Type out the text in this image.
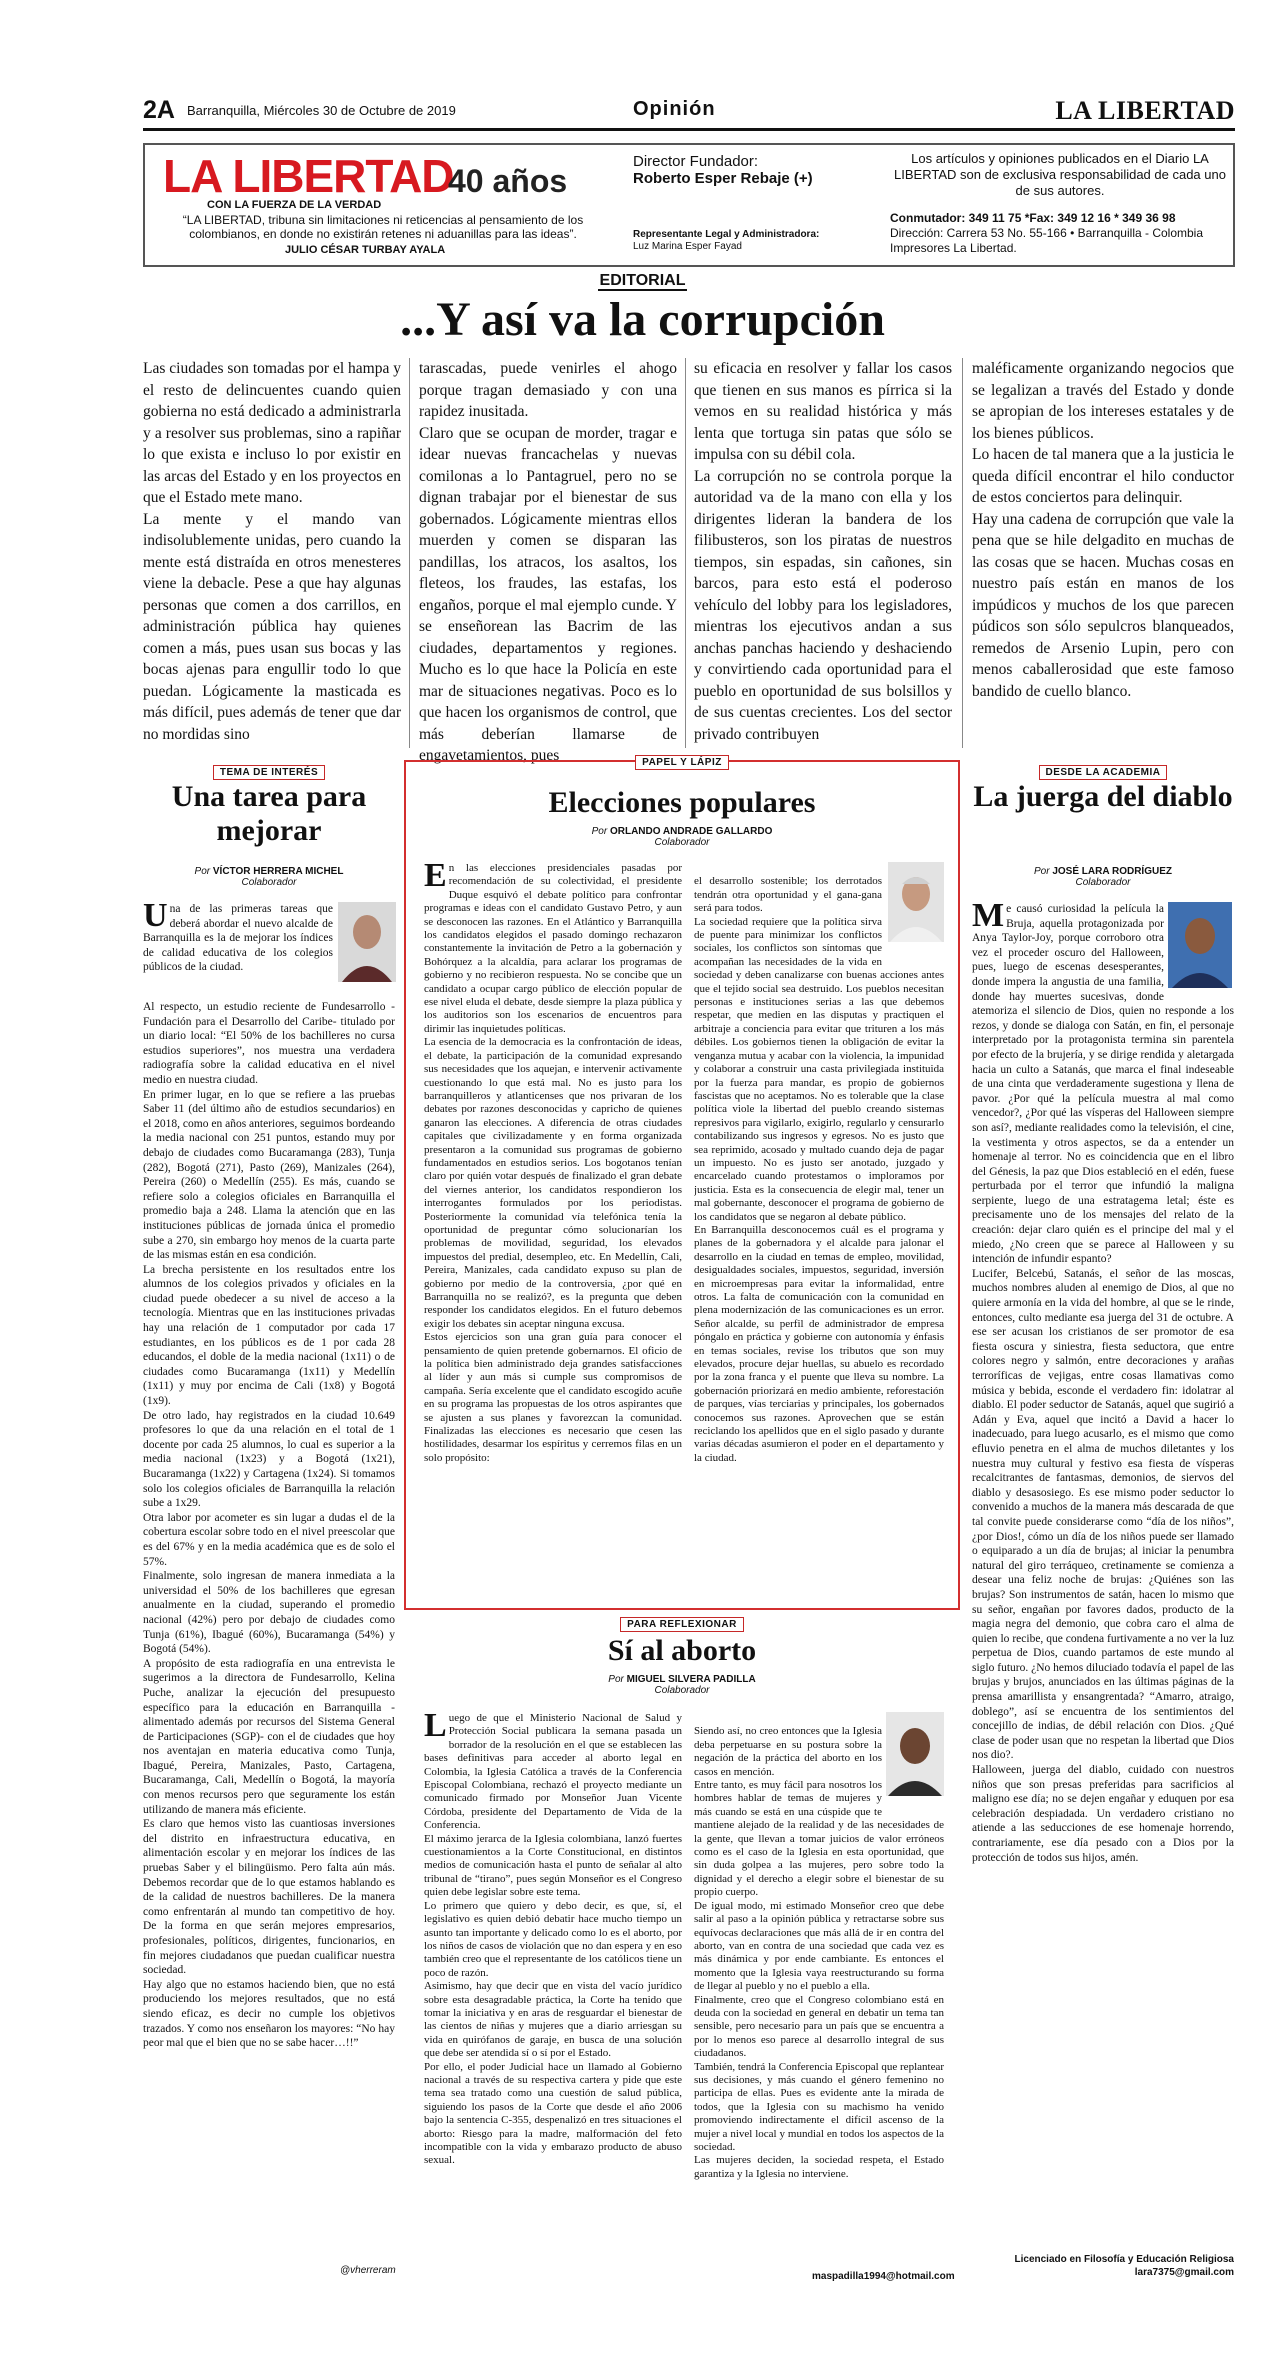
2A Barranquilla, Miércoles 30 de Octubre de 2019	Opinión	LA LIBERTAD
LA LIBERTAD
40 años
CON LA FUERZA DE LA VERDAD
“LA LIBERTAD, tribuna sin limitaciones ni reticencias al pensamiento de los colombianos, en donde no existirán retenes ni aduanillas para las ideas”.
JULIO CÉSAR TURBAY AYALA
Director Fundador:
Roberto Esper Rebaje (+)
Representante Legal y Administradora:
Luz Marina Esper Fayad
Los artículos y opiniones publicados en el Diario LA LIBERTAD son de exclusiva responsabilidad de cada uno de sus autores.
Conmutador: 349 11 75 *Fax: 349 12 16 * 349 36 98
Dirección: Carrera 53 No. 55-166 • Barranquilla - Colombia
Impresores La Libertad.
EDITORIAL
...Y así va la corrupción

Las ciudades son tomadas por el hampa y el resto de delincuentes cuando quien gobierna no está dedicado a administrarla y a resolver sus problemas, sino a rapiñar lo que exista e incluso lo por existir en las arcas del Estado y en los proyectos en que el Estado mete mano.

La mente y el mando van indisolublemente unidas, pero cuando la mente está distraída en otros menesteres viene la debacle. Pese a que hay algunas personas que comen a dos carrillos, en administración pública hay quienes comen a más, pues usan sus bocas y las bocas ajenas para engullir todo lo que puedan. Lógicamente la masticada es más difícil, pues además de tener que dar no mordidas sino

tarascadas, puede venirles el ahogo porque tragan demasiado y con una rapidez inusitada.

Claro que se ocupan de morder, tragar e idear nuevas francachelas y nuevas comilonas a lo Pantagruel, pero no se dignan trabajar por el bienestar de sus gobernados. Lógicamente mientras ellos muerden y comen se disparan las pandillas, los atracos, los asaltos, los fleteos, los fraudes, las estafas, los engaños, porque el mal ejemplo cunde. Y se enseñorean las Bacrim de las ciudades, departamentos y regiones. Mucho es lo que hace la Policía en este mar de situaciones negativas. Poco es lo que hacen los organismos de control, que más deberían llamarse de engavetamientos, pues

su eficacia en resolver y fallar los casos que tienen en sus manos es pírrica si la vemos en su realidad histórica y más lenta que tortuga sin patas que sólo se impulsa con su débil cola.

La corrupción no se controla porque la autoridad va de la mano con ella y los dirigentes lideran la bandera de los filibusteros, son los piratas de nuestros tiempos, sin espadas, sin cañones, sin barcos, para esto está el poderoso vehículo del lobby para los legisladores, mientras los ejecutivos andan a sus anchas panchas haciendo y deshaciendo y convirtiendo cada oportunidad para el pueblo en oportunidad de sus bolsillos y de sus cuentas crecientes. Los del sector privado contribuyen

maléficamente organizando negocios que se legalizan a través del Estado y donde se apropian de los intereses estatales y de los bienes públicos.

Lo hacen de tal manera que a la justicia le queda difícil encontrar el hilo conductor de estos conciertos para delinquir.

Hay una cadena de corrupción que vale la pena que se hile delgadito en muchas de las cosas que se hacen. Muchas cosas en nuestro país están en manos de los impúdicos y muchos de los que parecen púdicos son sólo sepulcros blanqueados, remedos de Arsenio Lupin, pero con menos caballerosidad que este famoso bandido de cuello blanco.

TEMA DE INTERÉS
Una tarea para mejorar
Por VÍCTOR HERRERA MICHEL
Colaborador
Una de las primeras tareas que deberá abordar el nuevo alcalde de Barranquilla es la de mejorar los índices de calidad educativa de los colegios públicos de la ciudad.
Al respecto, un estudio reciente de Fundesarrollo -Fundación para el Desarrollo del Caribe- titulado por un diario local: “El 50% de los bachilleres no cursa estudios superiores”, nos muestra una verdadera radiografía sobre la calidad educativa en el nivel medio en nuestra ciudad.
En primer lugar, en lo que se refiere a las pruebas Saber 11 (del último año de estudios secundarios) en el 2018, como en años anteriores, seguimos bordeando la media nacional con 251 puntos, estando muy por debajo de ciudades como Bucaramanga (283), Tunja (282), Bogotá (271), Pasto (269), Manizales (264), Pereira (260) o Medellín (255). Es más, cuando se refiere solo a colegios oficiales en Barranquilla el promedio baja a 248. Llama la atención que en las instituciones públicas de jornada única el promedio sube a 270, sin embargo hoy menos de la cuarta parte de las mismas están en esa condición.
La brecha persistente en los resultados entre los alumnos de los colegios privados y oficiales en la ciudad puede obedecer a su nivel de acceso a la tecnología. Mientras que en las instituciones privadas hay una relación de 1 computador por cada 17 estudiantes, en los públicos es de 1 por cada 28 educandos, el doble de la media nacional (1x11) o de ciudades como Bucaramanga (1x11) y Medellín (1x11) y muy por encima de Cali (1x8) y Bogotá (1x9).
De otro lado, hay registrados en la ciudad 10.649 profesores lo que da una relación en el total de 1 docente por cada 25 alumnos, lo cual es superior a la media nacional (1x23) y a Bogotá (1x21), Bucaramanga (1x22) y Cartagena (1x24). Si tomamos solo los colegios oficiales de Barranquilla la relación sube a 1x29.
Otra labor por acometer es sin lugar a dudas el de la cobertura escolar sobre todo en el nivel preescolar que es del 67% y en la media académica que es de solo el 57%.
Finalmente, solo ingresan de manera inmediata a la universidad el 50% de los bachilleres que egresan anualmente en la ciudad, superando el promedio nacional (42%) pero por debajo de ciudades como Tunja (61%), Ibagué (60%), Bucaramanga (54%) y Bogotá (54%).
A propósito de esta radiografía en una entrevista le sugerimos a la directora de Fundesarrollo, Kelina Puche, analizar la ejecución del presupuesto específico para la educación en Barranquilla -alimentado además por recursos del Sistema General de Participaciones (SGP)- con el de ciudades que hoy nos aventajan en materia educativa como Tunja, Ibagué, Pereira, Manizales, Pasto, Cartagena, Bucaramanga, Cali, Medellín o Bogotá, la mayoría con menos recursos pero que seguramente los están utilizando de manera más eficiente.
Es claro que hemos visto las cuantiosas inversiones del distrito en infraestructura educativa, en alimentación escolar y en mejorar los índices de las pruebas Saber y el bilingüismo. Pero falta aún más. Debemos recordar que de lo que estamos hablando es de la calidad de nuestros bachilleres. De la manera como enfrentarán al mundo tan competitivo de hoy. De la forma en que serán mejores empresarios, profesionales, políticos, dirigentes, funcionarios, en fin mejores ciudadanos que puedan cualificar nuestra sociedad.
Hay algo que no estamos haciendo bien, que no está produciendo los mejores resultados, que no está siendo eficaz, es decir no cumple los objetivos trazados. Y como nos enseñaron los mayores: “No hay peor mal que el bien que no se sabe hacer…!!”
@vherreram
PAPEL Y LÁPIZ
Elecciones populares
Por ORLANDO ANDRADE GALLARDO
Colaborador
En las elecciones presidenciales pasadas por recomendación de su colectividad, el presidente Duque esquivó el debate político para confrontar programas e ideas con el candidato Gustavo Petro, y aun se desconocen las razones. En el Atlántico y Barranquilla los candidatos elegidos el pasado domingo rechazaron constantemente la invitación de Petro a la gobernación y Bohórquez a la alcaldía, para aclarar los programas de gobierno y no recibieron respuesta. No se concibe que un candidato a ocupar cargo público de elección popular de ese nivel eluda el debate, desde siempre la plaza pública y los auditorios son los escenarios de encuentros para dirimir las inquietudes políticas.
La esencia de la democracia es la confrontación de ideas, el debate, la participación de la comunidad expresando sus necesidades que los aquejan, e intervenir activamente cuestionando lo que está mal. No es justo para los barranquilleros y atlanticenses que nos privaran de los debates por razones desconocidas y capricho de quienes ganaron las elecciones. A diferencia de otras ciudades capitales que civilizadamente y en forma organizada presentaron a la comunidad sus programas de gobierno fundamentados en estudios serios. Los bogotanos tenían claro por quién votar después de finalizado el gran debate del viernes anterior, los candidatos respondieron los interrogantes formulados por los periodistas. Posteriormente la comunidad vía telefónica tenía la oportunidad de preguntar cómo solucionarían los problemas de movilidad, seguridad, los elevados impuestos del predial, desempleo, etc. En Medellín, Cali, Pereira, Manizales, cada candidato expuso su plan de gobierno por medio de la controversia, ¿por qué en Barranquilla no se realizó?, es la pregunta que deben responder los candidatos elegidos. En el futuro debemos exigir los debates sin aceptar ninguna excusa.
Estos ejercicios son una gran guía para conocer el pensamiento de quien pretende gobernarnos. El oficio de la política bien administrado deja grandes satisfacciones al líder y aun más si cumple sus compromisos de campaña. Sería excelente que el candidato escogido acuñe en su programa las propuestas de los otros aspirantes que se ajusten a sus planes y favorezcan la comunidad. Finalizadas las elecciones es necesario que cesen las hostilidades, desarmar los espíritus y cerremos filas en un solo propósito:

el desarrollo sostenible; los derrotados tendrán otra oportunidad y el gana-gana será para todos.
La sociedad requiere que la política sirva de puente para minimizar los conflictos sociales, los conflictos son síntomas que acompañan las necesidades de la vida en sociedad y deben canalizarse con buenas acciones antes que el tejido social sea destruido. Los pueblos necesitan personas e instituciones serias a las que debemos respetar, que medien en las disputas y practiquen el arbitraje a conciencia para evitar que trituren a los más débiles. Los gobiernos tienen la obligación de evitar la venganza mutua y acabar con la violencia, la impunidad y colaborar a construir una casta privilegiada instituida por la fuerza para mandar, es propio de gobiernos fascistas que no aceptamos. No es tolerable que la clase política viole la libertad del pueblo creando sistemas represivos para vigilarlo, exigirlo, regularlo y censurarlo contabilizando sus ingresos y egresos. No es justo que sea reprimido, acosado y multado cuando deja de pagar un impuesto. No es justo ser anotado, juzgado y encarcelado cuando protestamos o imploramos por justicia. Esta es la consecuencia de elegir mal, tener un mal gobernante, desconocer el programa de gobierno de los candidatos que se negaron al debate público.
En Barranquilla desconocemos cuál es el programa y planes de la gobernadora y el alcalde para jalonar el desarrollo en la ciudad en temas de empleo, movilidad, desigualdades sociales, impuestos, seguridad, inversión en microempresas para evitar la informalidad, entre otros. La falta de comunicación con la comunidad en plena modernización de las comunicaciones es un error. Señor alcalde, su perfil de administrador de empresa póngalo en práctica y gobierne con autonomía y énfasis en temas sociales, revise los tributos que son muy elevados, procure dejar huellas, su abuelo es recordado por la zona franca y el puente que lleva su nombre. La gobernación priorizará en medio ambiente, reforestación de parques, vías terciarias y principales, los gobernados conocemos sus razones. Aprovechen que se están reciclando los apellidos que en el siglo pasado y durante varias décadas asumieron el poder en el departamento y la ciudad.

PARA REFLEXIONAR
Sí al aborto
Por MIGUEL SILVERA PADILLA
Colaborador
Luego de que el Ministerio Nacional de Salud y Protección Social publicara la semana pasada un borrador de la resolución en el que se establecen las bases definitivas para acceder al aborto legal en Colombia, la Iglesia Católica a través de la Conferencia Episcopal Colombiana, rechazó el proyecto mediante un comunicado firmado por Monseñor Juan Vicente Córdoba, presidente del Departamento de Vida de la Conferencia.
El máximo jerarca de la Iglesia colombiana, lanzó fuertes cuestionamientos a la Corte Constitucional, en distintos medios de comunicación hasta el punto de señalar al alto tribunal de “tirano”, pues según Monseñor es el Congreso quien debe legislar sobre este tema.
Lo primero que quiero y debo decir, es que, sí, el legislativo es quien debió debatir hace mucho tiempo un asunto tan importante y delicado como lo es el aborto, por los niños de casos de violación que no dan espera y en eso también creo que el representante de los católicos tiene un poco de razón.
Asimismo, hay que decir que en vista del vacío jurídico sobre esta desagradable práctica, la Corte ha tenido que tomar la iniciativa y en aras de resguardar el bienestar de las cientos de niñas y mujeres que a diario arriesgan su vida en quirófanos de garaje, en busca de una solución que debe ser atendida sí o sí por el Estado.
Por ello, el poder Judicial hace un llamado al Gobierno nacional a través de su respectiva cartera y pide que este tema sea tratado como una cuestión de salud pública, siguiendo los pasos de la Corte que desde el año 2006 bajo la sentencia C-355, despenalizó en tres situaciones el aborto: Riesgo para la madre, malformación del feto incompatible con la vida y embarazo producto de abuso sexual.

Siendo así, no creo entonces que la Iglesia deba perpetuarse en su postura sobre la negación de la práctica del aborto en los casos en mención.
Entre tanto, es muy fácil para nosotros los hombres hablar de temas de mujeres y más cuando se está en una cúspide que te mantiene alejado de la realidad y de las necesidades de la gente, que llevan a tomar juicios de valor erróneos como es el caso de la Iglesia en esta oportunidad, que sin duda golpea a las mujeres, pero sobre todo la dignidad y el derecho a elegir sobre el bienestar de su propio cuerpo.
De igual modo, mi estimado Monseñor creo que debe salir al paso a la opinión pública y retractarse sobre sus equívocas declaraciones que más allá de ir en contra del aborto, van en contra de una sociedad que cada vez es más dinámica y por ende cambiante. Es entonces el momento que la Iglesia vaya reestructurando su forma de llegar al pueblo y no el pueblo a ella.
Finalmente, creo que el Congreso colombiano está en deuda con la sociedad en general en debatir un tema tan sensible, pero necesario para un país que se encuentra a por lo menos eso parece al desarrollo integral de sus ciudadanos.
También, tendrá la Conferencia Episcopal que replantear sus decisiones, y más cuando el género femenino no participa de ellas. Pues es evidente ante la mirada de todos, que la Iglesia con su machismo ha venido promoviendo indirectamente el difícil ascenso de la mujer a nivel local y mundial en todos los aspectos de la sociedad.
Las mujeres deciden, la sociedad respeta, el Estado garantiza y la Iglesia no interviene.

maspadilla1994@hotmail.com
DESDE LA ACADEMIA
La juerga del diablo
Por JOSÉ LARA RODRÍGUEZ
Colaborador
Me causó curiosidad la película la Bruja, aquella protagonizada por Anya Taylor-Joy, porque corroboro otra vez el proceder oscuro del Halloween, pues, luego de escenas desesperantes, donde impera la angustia de una familia, donde hay muertes sucesivas, donde atemoriza el silencio de Dios, quien no responde a los rezos, y donde se dialoga con Satán, en fin, el personaje interpretado por la protagonista termina sin parentela por efecto de la brujería, y se dirige rendida y aletargada hacia un culto a Satanás, que marca el final indeseable de una cinta que verdaderamente sugestiona y llena de pavor. ¿Por qué la película muestra al mal como vencedor?, ¿Por qué las vísperas del Halloween siempre son así?, mediante realidades como la televisión, el cine, la vestimenta y otros aspectos, se da a entender un homenaje al terror. No es coincidencia que en el libro del Génesis, la paz que Dios estableció en el edén, fuese perturbada por el terror que infundió la maligna serpiente, luego de una estratagema letal; éste es precisamente uno de los mensajes del relato de la creación: dejar claro quién es el principe del mal y el miedo, ¿No creen que se parece al Halloween y su intención de infundir espanto?
Lucifer, Belcebú, Satanás, el señor de las moscas, muchos nombres aluden al enemigo de Dios, al que no quiere armonía en la vida del hombre, al que se le rinde, entonces, culto mediante esa juerga del 31 de octubre. A ese ser acusan los cristianos de ser promotor de esa fiesta oscura y siniestra, fiesta seductora, que entre colores negro y salmón, entre decoraciones y arañas terroríficas de vejigas, entre cosas llamativas como música y bebida, esconde el verdadero fin: idolatrar al diablo. El poder seductor de Satanás, aquel que sugirió a Adán y Eva, aquel que incitó a David a hacer lo inadecuado, para luego acusarlo, es el mismo que como efluvio penetra en el alma de muchos diletantes y los nuestra muy cultural y festivo esa fiesta de vísperas recalcitrantes de fantasmas, demonios, de siervos del diablo y desasosiego. Es ese mismo poder seductor lo convenido a muchos de la manera más descarada de que tal convite puede considerarse como “día de los niños”, ¿por Dios!, cómo un día de los niños puede ser llamado o equiparado a un día de brujas; al iniciar la penumbra natural del giro terráqueo, cretinamente se comienza a desear una feliz noche de brujas: ¿Quiénes son las brujas? Son instrumentos de satán, hacen lo mismo que su señor, engañan por favores dados, producto de la magia negra del demonio, que cobra caro el alma de quien lo recibe, que condena furtivamente a no ver la luz perpetua de Dios, cuando partamos de este mundo al siglo futuro. ¿No hemos diluciado todavía el papel de las brujas y brujos, anunciados en las últimas páginas de la prensa amarillista y ensangrentada? “Amarro, atraigo, doblego”, así se encuentra de los sentimientos del concejillo de indias, de débil relación con Dios. ¿Qué clase de poder usan que no respetan la libertad que Dios nos dio?.
Halloween, juerga del diablo, cuidado con nuestros niños que son presas preferidas para sacrificios al maligno ese día; no se dejen engañar y eduquen por esa celebración despiadada. Un verdadero cristiano no atiende a las seducciones de ese homenaje horrendo, contrariamente, ese día pesado con a Dios por la protección de todos sus hijos, amén.
Licenciado en Filosofía y Educación Religiosa
lara7375@gmail.com
